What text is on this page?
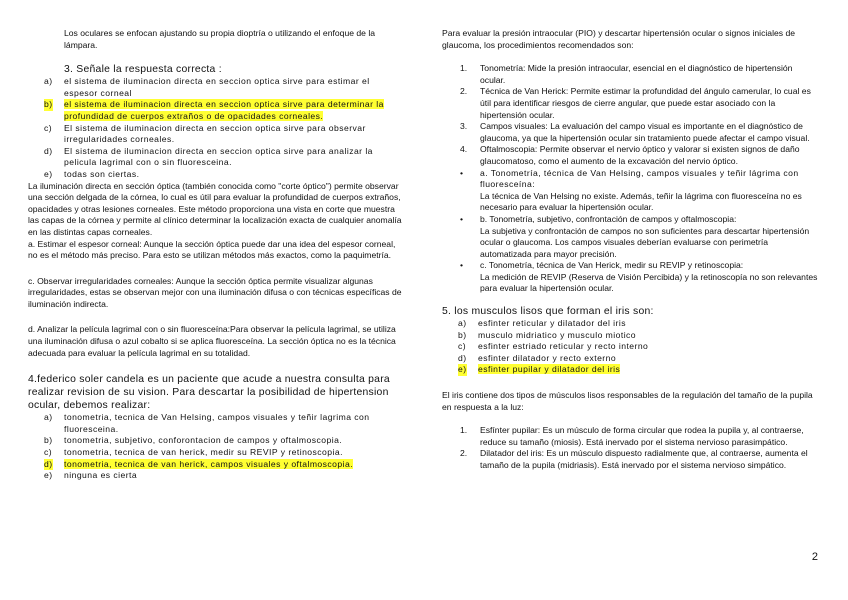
Los oculares se enfocan ajustando su propia dioptría o utilizando el enfoque de la lámpara.

3. Señale la respuesta correcta :

a) el sistema de iluminacion directa en seccion optica sirve para estimar el espesor corneal
b) el sistema de iluminacion directa en seccion optica sirve para determinar la profundidad de cuerpos extraños o de opacidades corneales.
c) El sistema de iluminacion directa en seccion optica sirve para observar irregularidades corneales.
d) El sistema de iluminacion directa en seccion optica sirve para analizar la pelicula lagrimal con o sin fluoresceina.
e) todas son ciertas.

La iluminación directa en sección óptica (también conocida como "corte óptico") permite observar una sección delgada de la córnea, lo cual es útil para evaluar la profundidad de cuerpos extraños, opacidades y otras lesiones corneales. Este método proporciona una vista en corte que muestra las capas de la córnea y permite al clínico determinar la localización exacta de cualquier anomalía en las distintas capas corneales.

a. Estimar el espesor corneal: Aunque la sección óptica puede dar una idea del espesor corneal, no es el método más preciso. Para esto se utilizan métodos más exactos, como la paquimetría.

c. Observar irregularidades corneales: Aunque la sección óptica permite visualizar algunas irregularidades, estas se observan mejor con una iluminación difusa o con técnicas específicas de iluminación indirecta.

d. Analizar la película lagrimal con o sin fluoresceína:Para observar la película lagrimal, se utiliza una iluminación difusa o azul cobalto si se aplica fluoresceína. La sección óptica no es la técnica adecuada para evaluar la película lagrimal en su totalidad.

4.federico soler candela es un paciente que acude a nuestra consulta para realizar revision de su vision. Para descartar la posibilidad de hipertension ocular, debemos realizar:

a) tonometria, tecnica de Van Helsing, campos visuales y teñir lagrima con fluoresceina.
b) tonometria, subjetivo, conforontacion de campos y oftalmoscopia.
c) tonometria, tecnica de van herick, medir su REVIP y retinoscopia.
d) tonometria, tecnica de van herick, campos visuales y oftalmoscopia.
e) ninguna es cierta

Para evaluar la presión intraocular (PIO) y descartar hipertensión ocular o signos iniciales de glaucoma, los procedimientos recomendados son:

1. Tonometría: Mide la presión intraocular, esencial en el diagnóstico de hipertensión ocular.
2. Técnica de Van Herick: Permite estimar la profundidad del ángulo camerular, lo cual es útil para identificar riesgos de cierre angular, que puede estar asociado con la hipertensión ocular.
3. Campos visuales: La evaluación del campo visual es importante en el diagnóstico de glaucoma, ya que la hipertensión ocular sin tratamiento puede afectar el campo visual.
4. Oftalmoscopia: Permite observar el nervio óptico y valorar si existen signos de daño glaucomatoso, como el aumento de la excavación del nervio óptico.
• a. Tonometría, técnica de Van Helsing, campos visuales y teñir lágrima con fluoresceína:
La técnica de Van Helsing no existe. Además, teñir la lágrima con fluoresceína no es necesario para evaluar la hipertensión ocular.
• b. Tonometría, subjetivo, confrontación de campos y oftalmoscopia:
La subjetiva y confrontación de campos no son suficientes para descartar hipertensión ocular o glaucoma. Los campos visuales deberían evaluarse con perimetría automatizada para mayor precisión.
• c. Tonometría, técnica de Van Herick, medir su REVIP y retinoscopia:
La medición de REVIP (Reserva de Visión Percibida) y la retinoscopía no son relevantes para evaluar la hipertensión ocular.

5. los musculos lisos que forman el iris son:

a) esfinter reticular y dilatador del iris
b) musculo midriatico y musculo miotico
c) esfinter estriado reticular y recto interno
d) esfinter dilatador y recto externo
e) esfinter pupilar y dilatador del iris

El iris contiene dos tipos de músculos lisos responsables de la regulación del tamaño de la pupila en respuesta a la luz:

1. Esfínter pupilar: Es un músculo de forma circular que rodea la pupila y, al contraerse, reduce su tamaño (miosis). Está inervado por el sistema nervioso parasimpático.
2. Dilatador del iris: Es un músculo dispuesto radialmente que, al contraerse, aumenta el tamaño de la pupila (midriasis). Está inervado por el sistema nervioso simpático.
2
